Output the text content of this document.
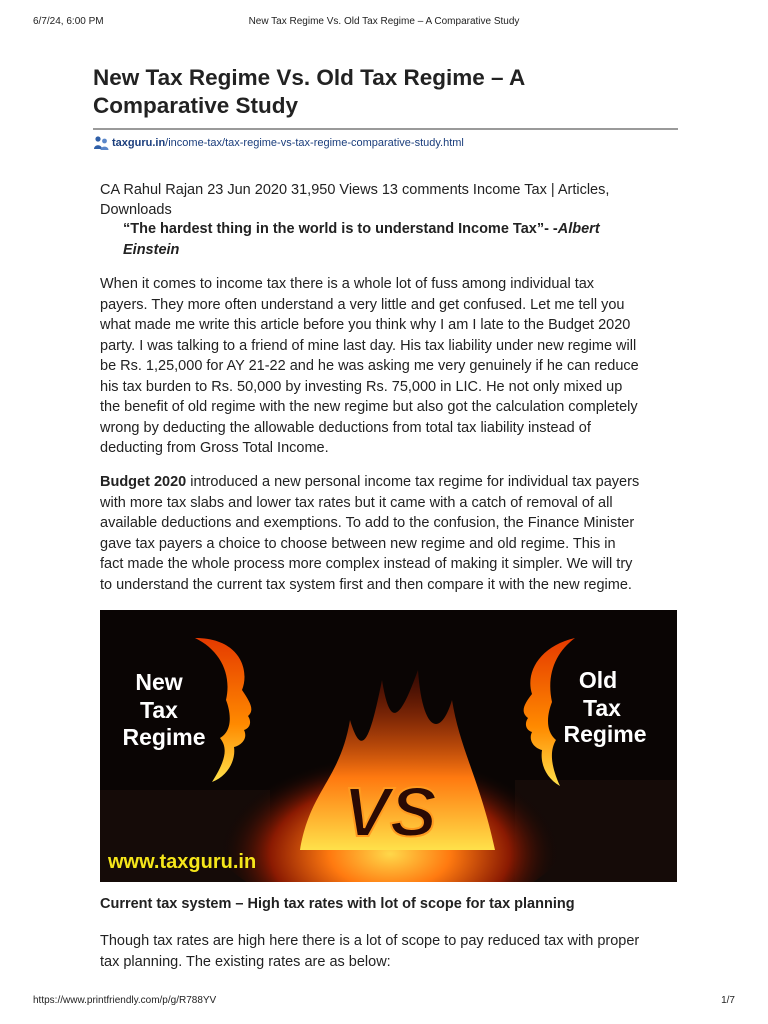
6/7/24, 6:00 PM	New Tax Regime Vs. Old Tax Regime – A Comparative Study
New Tax Regime Vs. Old Tax Regime – A
Comparative Study
taxguru.in /income-tax/tax-regime-vs-tax-regime-comparative-study.html
CA Rahul Rajan 23 Jun 2020 31,950 Views 13 comments Income Tax | Articles,
Downloads
“The hardest thing in the world is to understand Income Tax”- -Albert
Einstein

When it comes to income tax there is a whole lot of fuss among individual tax
payers. They more often understand a very little and get confused. Let me tell you
what made me write this article before you think why I am I late to the Budget 2020
party. I was talking to a friend of mine last day. His tax liability under new regime will
be Rs. 1,25,000 for AY 21-22 and he was asking me very genuinely if he can reduce
his tax burden to Rs. 50,000 by investing Rs. 75,000 in LIC. He not only mixed up
the benefit of old regime with the new regime but also got the calculation completely
wrong by deducting the allowable deductions from total tax liability instead of
deducting from Gross Total Income.

Budget 2020 introduced a new personal income tax regime for individual tax payers
with more tax slabs and lower tax rates but it came with a catch of removal of all
available deductions and exemptions. To add to the confusion, the Finance Minister
gave tax payers a choice to choose between new regime and old regime. This in
fact made the whole process more complex instead of making it simpler. We will try
to understand the current tax system first and then compare it with the new regime.

New
Tax
Regime
Old
Tax
Regime
VS
www.taxguru.in
Current tax system – High tax rates with lot of scope for tax planning

Though tax rates are high here there is a lot of scope to pay reduced tax with proper
tax planning. The existing rates are as below:

https://www.printfriendly.com/p/g/R788YV	1/7
